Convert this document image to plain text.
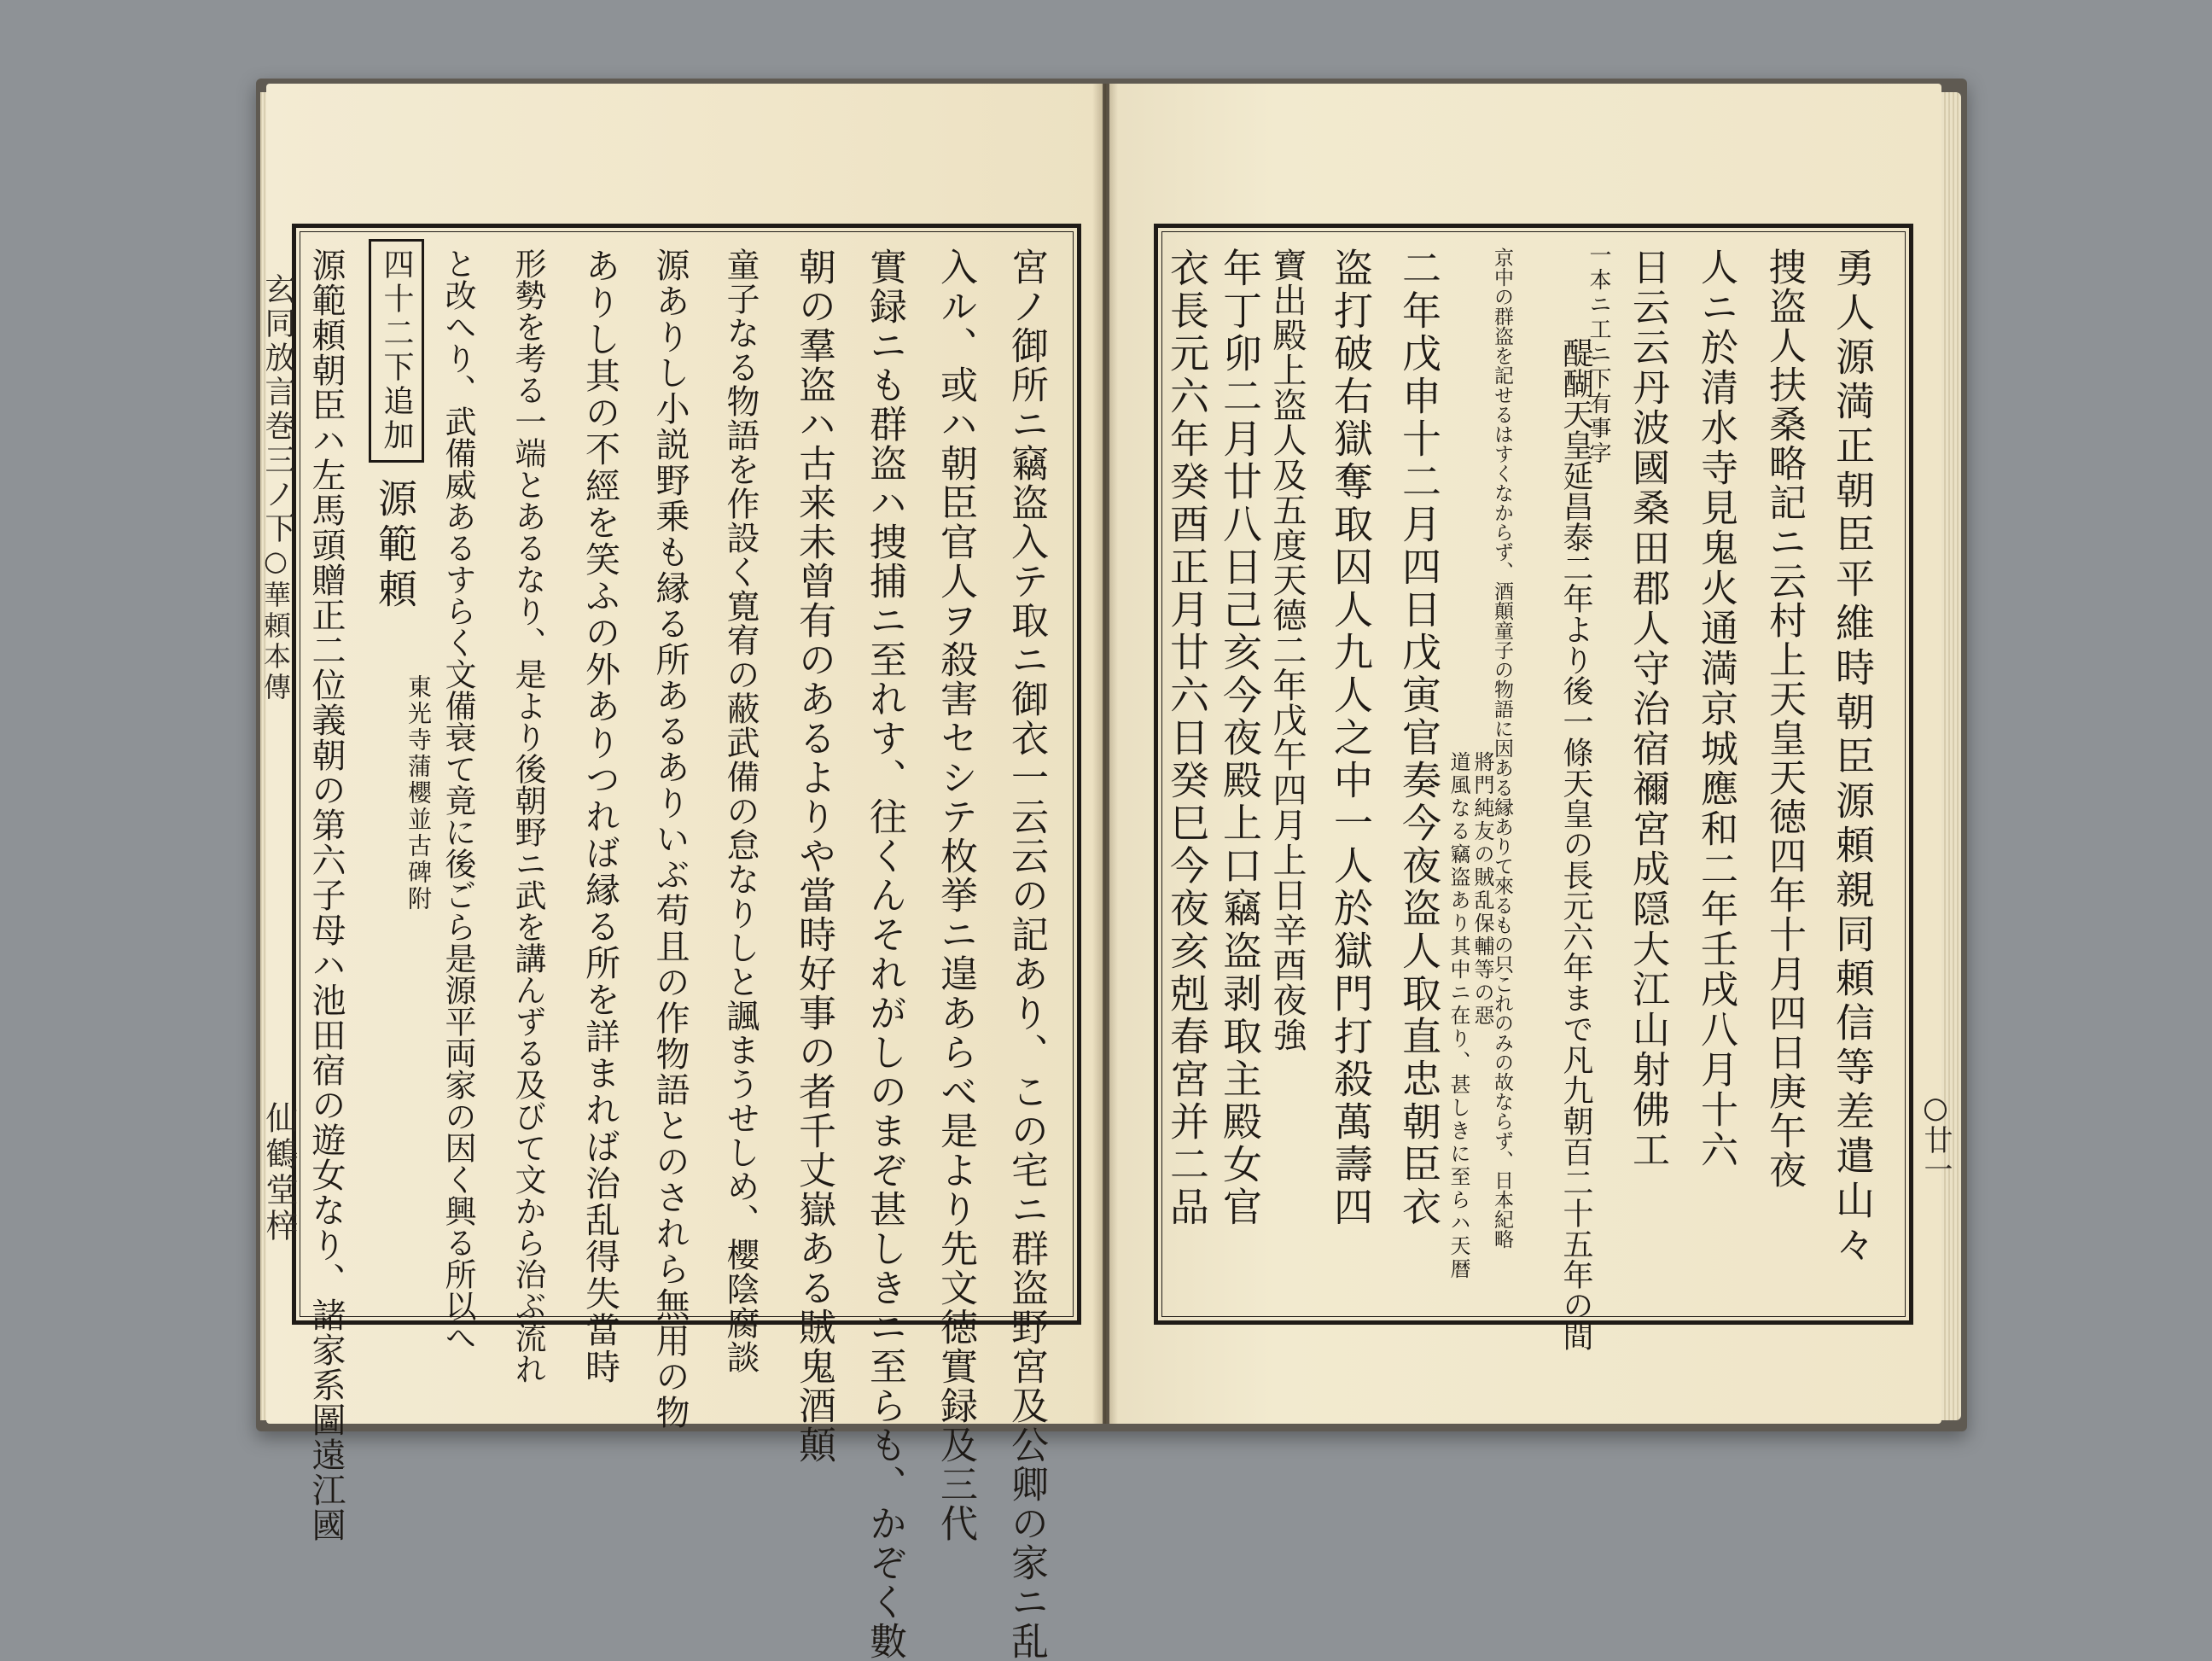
玄同放言巻三ノ下
○華頼本傳
仙鶴堂梓	宮ノ御所ニ竊盗入テ取ニ御衣一云云の記あり、この宅ニ群盗野宮及公卿の家ニ乱
入ル、或ハ朝臣官人ヲ殺害セシテ枚挙ニ遑あらべ是より先文徳實録及三代
實録ニも群盗ハ捜捕ニ至れす、往くんそれがしのまぞ甚しきニ至らも、かぞく數
朝の羣盗ハ古来未曾有のあるよりや當時好事の者千丈嶽ある賊鬼酒顛
童子なる物語を作設く寛宥の蔽武備の怠なりしと諷まうせしめ、櫻陰腐談
源ありし小説野乗も縁る所あるありいぶ苟且の作物語とのされら無用の物
ありし其の不經を笑ふの外ありつれば縁る所を詳まれば治乱得失當時
形勢を考る一端とあるなり、是より後朝野ニ武を講んずる及びて文から治ぶ流れ
と改へり、武備威あるすらく文備衰て竟に後ごら是源平両家の因く興る所以へ
源範頼
東光寺蒲櫻並古碑附
四十二下追加
源範頼朝臣ハ左馬頭贈正二位義朝の第六子母ハ池田宿の遊女なり、諸家系圖遠江國	○廿一
勇人源満正朝臣平維時朝臣源頼親同頼信等差遣山々
捜盗人扶桑略記ニ云村上天皇天徳四年十月四日庚午夜
人ニ於清水寺見鬼火通満京城應和二年壬戌八月十六
日云云丹波國桑田郡人守治宿禰宮成隠大江山射佛工
一本ニ工ニ下有事字
醍醐天皇延昌泰二年より後一條天皇の長元六年まで凡九朝百二十五年の間
京中の群盗を記せるはすくなからず、酒顛童子の物語に因ある縁ありて來るもの只これのみの故ならず、日本紀略
將門純友の賊乱保輔等の惡
道風なる竊盗あり其中ニ在り、甚しきに至らハ天暦
二年戊申十二月四日戊寅官奏今夜盗人取直忠朝臣衣
盗打破右獄奪取囚人九人之中一人於獄門打殺萬壽四
寶出殿上盗人及五度天德二年戊午四月上日辛酉夜強
年丁卯二月廿八日己亥今夜殿上口竊盗剥取主殿女官
衣長元六年癸酉正月廿六日癸巳今夜亥剋春宮并二品
